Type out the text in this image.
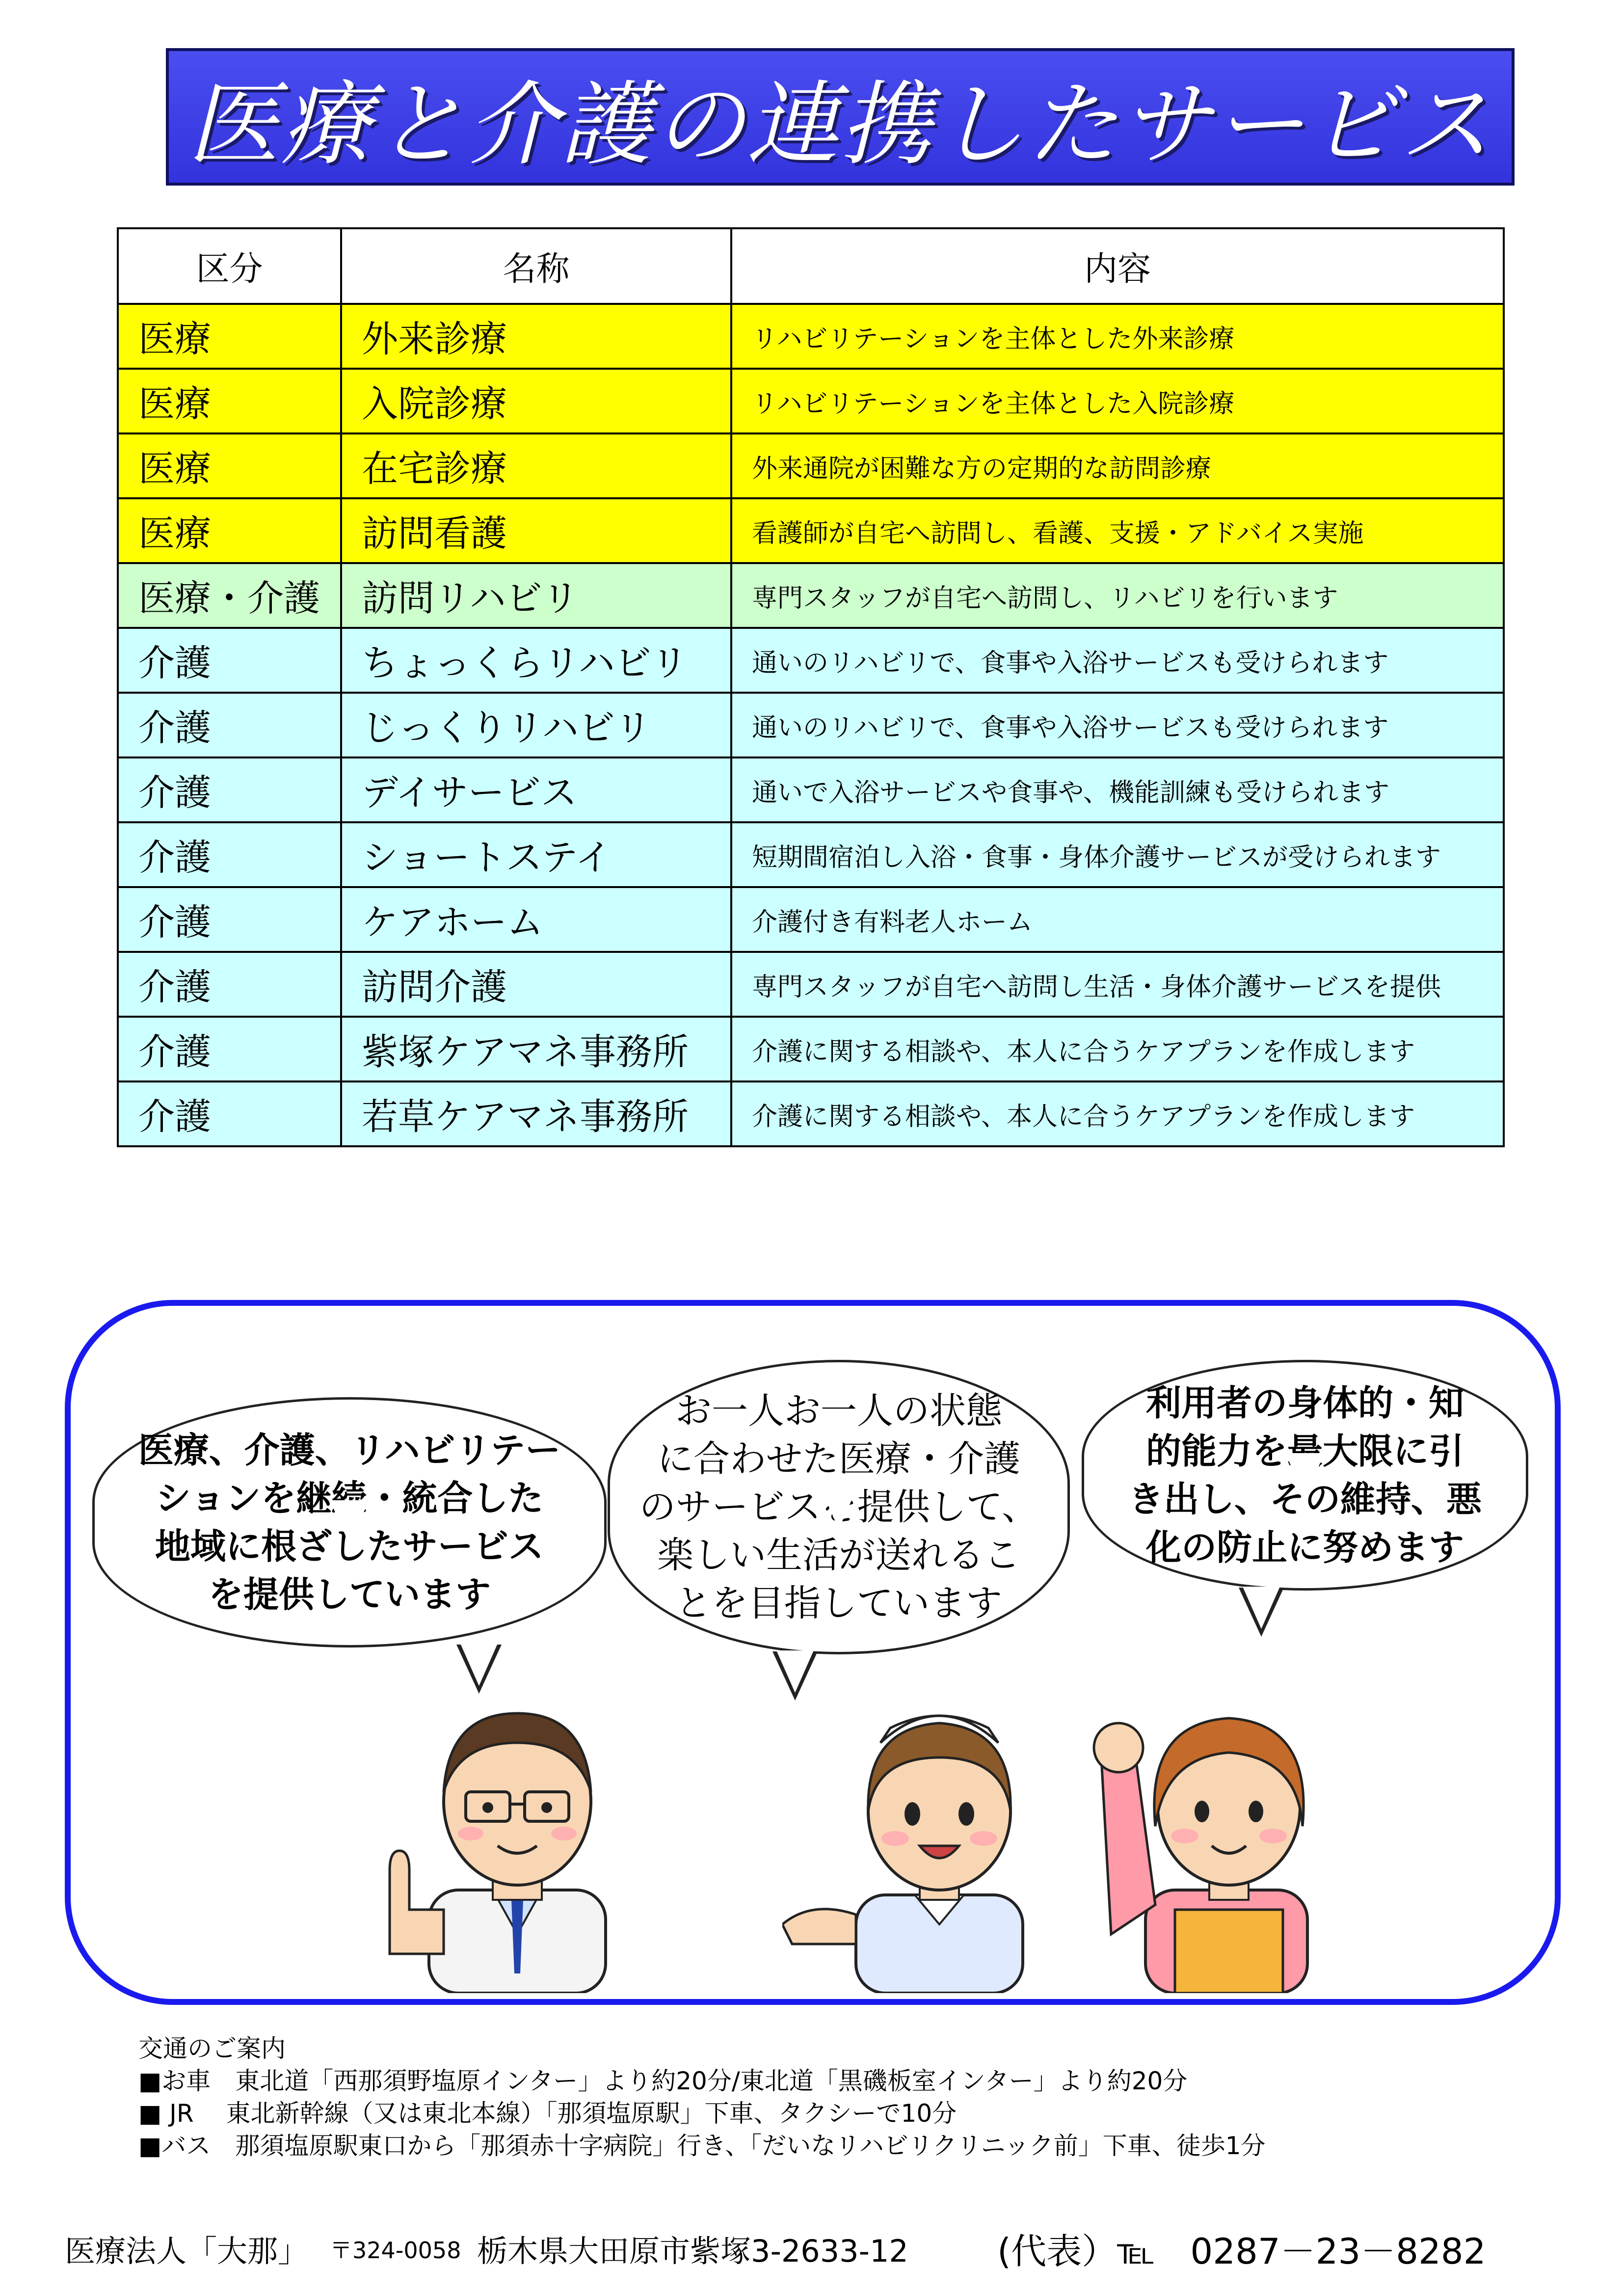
医療と介護の連携したサービス
区分	名称	内容
医療	外来診療	リハビリテーションを主体とした外来診療
医療	入院診療	リハビリテーションを主体とした入院診療
医療	在宅診療	外来通院が困難な方の定期的な訪問診療
医療	訪問看護	看護師が自宅へ訪問し、看護、支援・アドバイス実施
医療・介護	訪問リハビリ	専門スタッフが自宅へ訪問し、リハビリを行います
介護	ちょっくらリハビリ	通いのリハビリで、食事や入浴サービスも受けられます
介護	じっくりリハビリ	通いのリハビリで、食事や入浴サービスも受けられます
介護	デイサービス	通いで入浴サービスや食事や、機能訓練も受けられます
介護	ショートステイ	短期間宿泊し入浴・食事・身体介護サービスが受けられます
介護	ケアホーム	介護付き有料老人ホーム
介護	訪問介護	専門スタッフが自宅へ訪問し生活・身体介護サービスを提供
介護	紫塚ケアマネ事務所	介護に関する相談や、本人に合うケアプランを作成します
介護	若草ケアマネ事務所	介護に関する相談や、本人に合うケアプランを作成します

医療、介護、リハビリテー
ションを継続・統合した
地域に根ざしたサービス
を提供しています

お一人お一人の状態
に合わせた医療・介護
のサービスを提供して、
楽しい生活が送れるこ
とを目指しています

利用者の身体的・知
的能力を最大限に引
き出し、その維持、悪
化の防止に努めます

交通のご案内
■お車　東北道「西那須野塩原インター」より約20分/東北道「黒磯板室インター」より約20分
■ JR　 東北新幹線（又は東北本線）「那須塩原駅」下車、タクシーで10分
■バス　那須塩原駅東口から「那須赤十字病院」行き、「だいなリハビリクリニック前」下車、徒歩1分
医療法人「大那」 〒324-0058 栃木県大田原市紫塚3-2633-12	(代表）℡　0287－23－8282
